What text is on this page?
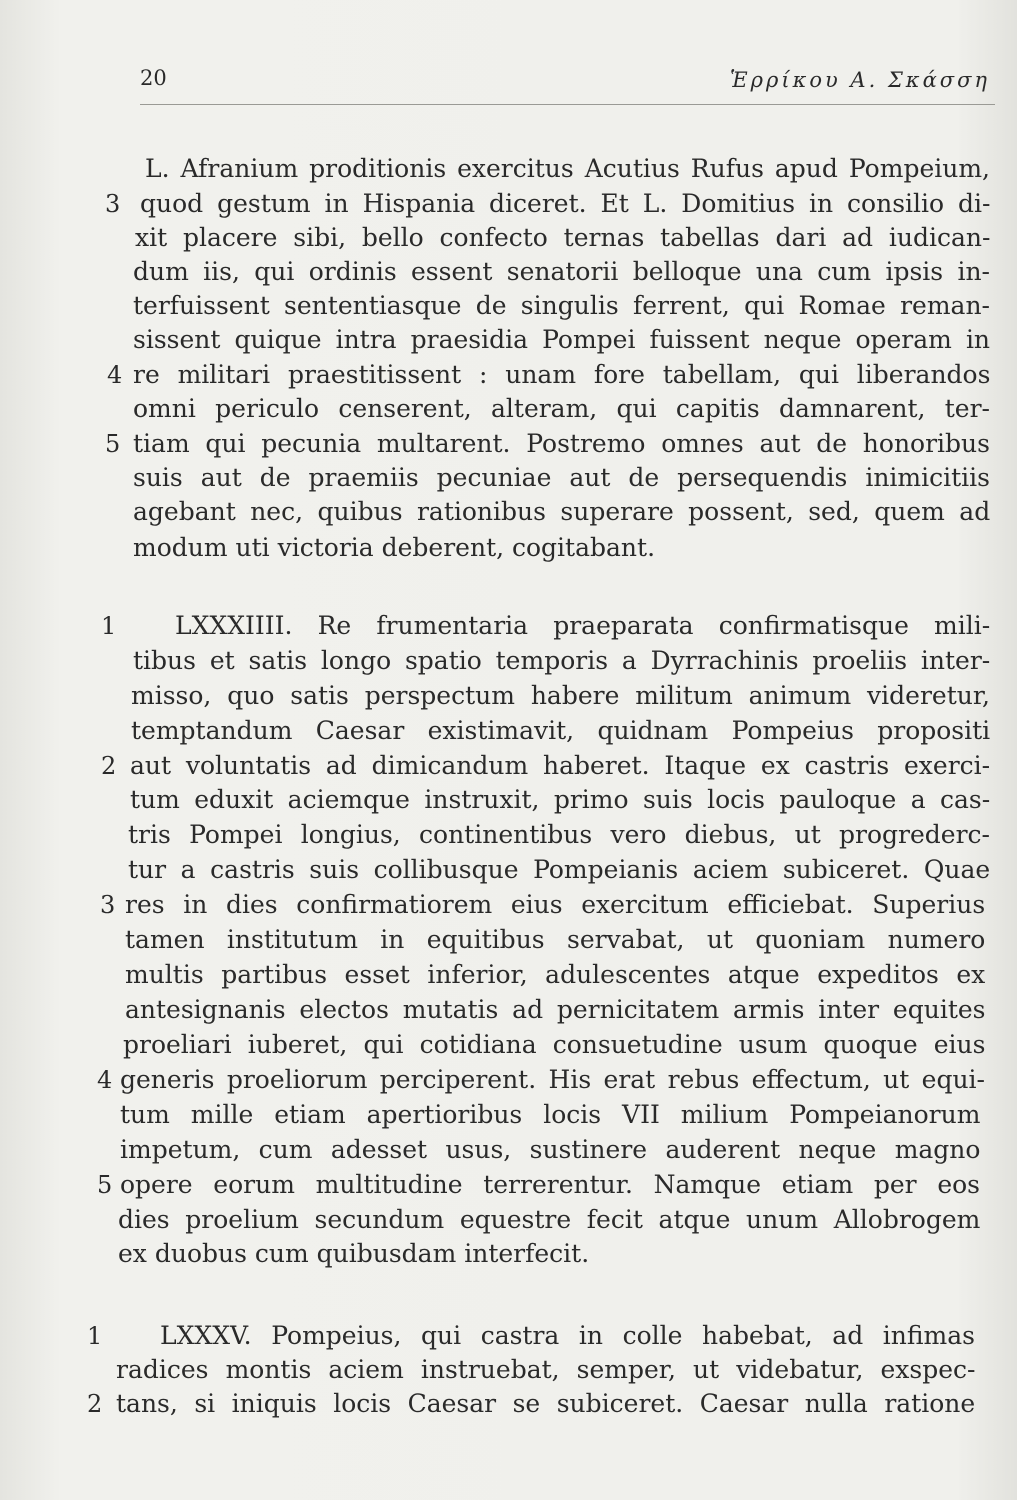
20	Ἑρρίκου Α. Σκάσση
L. Afranium proditionis exercitus Acutius Rufus apud Pompeium,
3 quod gestum in Hispania diceret. Et L. Domitius in consilio di-
xit placere sibi, bello confecto ternas tabellas dari ad iudican-
dum iis, qui ordinis essent senatorii belloque una cum ipsis in-
terfuissent sententiasque de singulis ferrent, qui Romae reman-
sissent quique intra praesidia Pompei fuissent neque operam in
4 re militari praestitissent : unam fore tabellam, qui liberandos
omni periculo censerent, alteram, qui capitis damnarent, ter-
5 tiam qui pecunia multarent. Postremo omnes aut de honoribus
suis aut de praemiis pecuniae aut de persequendis inimicitiis
agebant nec, quibus rationibus superare possent, sed, quem ad
modum uti victoria deberent, cogitabant.
1	LXXXIIII. Re frumentaria praeparata confirmatisque mili-
tibus et satis longo spatio temporis a Dyrrachinis proeliis inter-
misso, quo satis perspectum habere militum animum videretur,
temptandum Caesar existimavit, quidnam Pompeius propositi
2 aut voluntatis ad dimicandum haberet. Itaque ex castris exerci-
tum eduxit aciemque instruxit, primo suis locis pauloque a cas-
tris Pompei longius, continentibus vero diebus, ut progrederc-
tur a castris suis collibusque Pompeianis aciem subiceret. Quae
3 res in dies confirmatiorem eius exercitum efficiebat. Superius
tamen institutum in equitibus servabat, ut quoniam numero
multis partibus esset inferior, adulescentes atque expeditos ex
antesignanis electos mutatis ad pernicitatem armis inter equites
proeliari iuberet, qui cotidiana consuetudine usum quoque eius
4 generis proeliorum perciperent. His erat rebus effectum, ut equi-
tum mille etiam apertioribus locis VII milium Pompeianorum
impetum, cum adesset usus, sustinere auderent neque magno
5 opere eorum multitudine terrerentur. Namque etiam per eos
dies proelium secundum equestre fecit atque unum Allobrogem
ex duobus cum quibusdam interfecit.
1	LXXXV. Pompeius, qui castra in colle habebat, ad infimas
radices montis aciem instruebat, semper, ut videbatur, exspec-
2 tans, si iniquis locis Caesar se subiceret. Caesar nulla ratione
